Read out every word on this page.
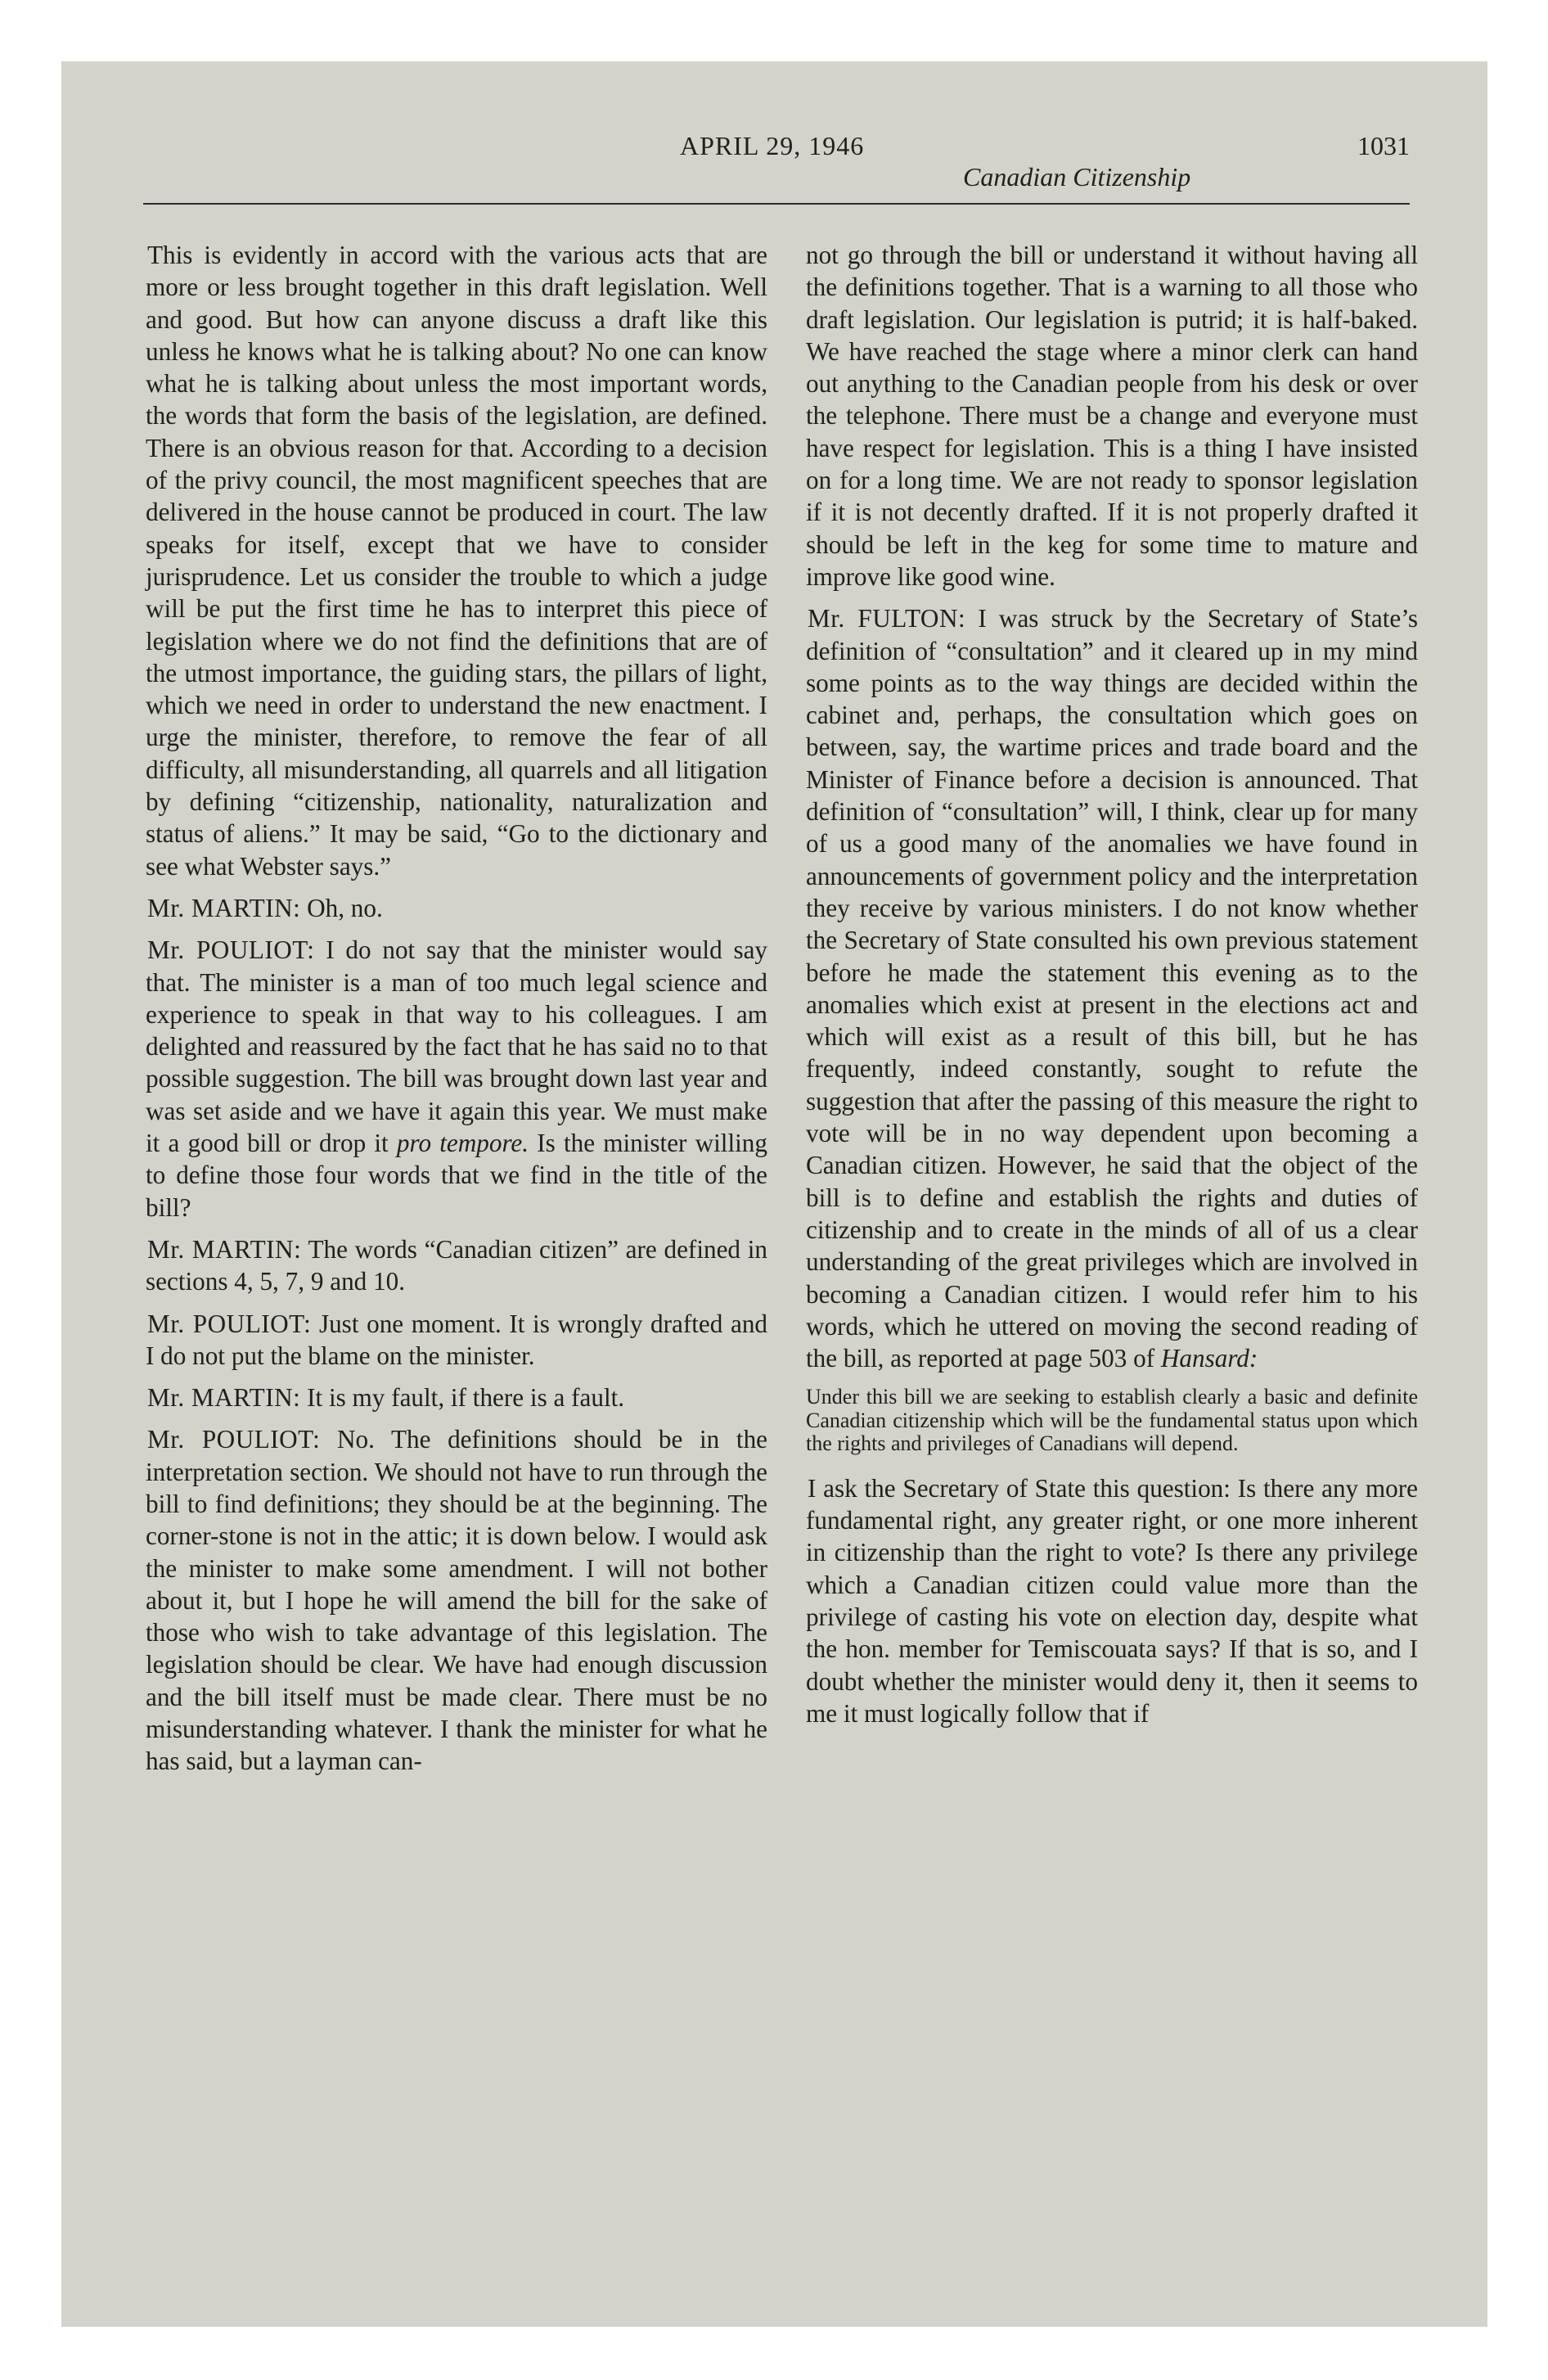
APRIL 29, 1946
Canadian Citizenship
1031

This is evidently in accord with the various acts that are more or less brought together in this draft legislation. Well and good. But how can anyone discuss a draft like this unless he knows what he is talking about? No one can know what he is talking about unless the most important words, the words that form the basis of the legislation, are defined. There is an obvious reason for that. According to a decision of the privy council, the most magnificent speeches that are delivered in the house cannot be produced in court. The law speaks for itself, except that we have to consider jurisprudence. Let us consider the trouble to which a judge will be put the first time he has to interpret this piece of legislation where we do not find the definitions that are of the utmost importance, the guiding stars, the pillars of light, which we need in order to understand the new enactment. I urge the minister, therefore, to remove the fear of all difficulty, all misunderstanding, all quarrels and all litigation by defining “citizenship, nationality, naturalization and status of aliens.” It may be said, “Go to the dictionary and see what Webster says.”

Mr. MARTIN: Oh, no.

Mr. POULIOT: I do not say that the minister would say that. The minister is a man of too much legal science and experience to speak in that way to his colleagues. I am delighted and reassured by the fact that he has said no to that possible suggestion. The bill was brought down last year and was set aside and we have it again this year. We must make it a good bill or drop it pro tempore. Is the minister willing to define those four words that we find in the title of the bill?

Mr. MARTIN: The words “Canadian citizen” are defined in sections 4, 5, 7, 9 and 10.

Mr. POULIOT: Just one moment. It is wrongly drafted and I do not put the blame on the minister.

Mr. MARTIN: It is my fault, if there is a fault.

Mr. POULIOT: No. The definitions should be in the interpretation section. We should not have to run through the bill to find definitions; they should be at the beginning. The corner-stone is not in the attic; it is down below. I would ask the minister to make some amendment. I will not bother about it, but I hope he will amend the bill for the sake of those who wish to take advantage of this legislation. The legislation should be clear. We have had enough discussion and the bill itself must be made clear. There must be no misunderstanding whatever. I thank the minister for what he has said, but a layman can-

not go through the bill or understand it without having all the definitions together. That is a warning to all those who draft legislation. Our legislation is putrid; it is half-baked. We have reached the stage where a minor clerk can hand out anything to the Canadian people from his desk or over the telephone. There must be a change and everyone must have respect for legislation. This is a thing I have insisted on for a long time. We are not ready to sponsor legislation if it is not decently drafted. If it is not properly drafted it should be left in the keg for some time to mature and improve like good wine.

Mr. FULTON: I was struck by the Secretary of State’s definition of “consultation” and it cleared up in my mind some points as to the way things are decided within the cabinet and, perhaps, the consultation which goes on between, say, the wartime prices and trade board and the Minister of Finance before a decision is announced. That definition of “consultation” will, I think, clear up for many of us a good many of the anomalies we have found in announcements of government policy and the interpretation they receive by various ministers. I do not know whether the Secretary of State consulted his own previous statement before he made the statement this evening as to the anomalies which exist at present in the elections act and which will exist as a result of this bill, but he has frequently, indeed constantly, sought to refute the suggestion that after the passing of this measure the right to vote will be in no way dependent upon becoming a Canadian citizen. However, he said that the object of the bill is to define and establish the rights and duties of citizenship and to create in the minds of all of us a clear understanding of the great privileges which are involved in becoming a Canadian citizen. I would refer him to his words, which he uttered on moving the second reading of the bill, as reported at page 503 of Hansard:

Under this bill we are seeking to establish clearly a basic and definite Canadian citizenship which will be the fundamental status upon which the rights and privileges of Canadians will depend.

I ask the Secretary of State this question: Is there any more fundamental right, any greater right, or one more inherent in citizenship than the right to vote? Is there any privilege which a Canadian citizen could value more than the privilege of casting his vote on election day, despite what the hon. member for Temiscouata says? If that is so, and I doubt whether the minister would deny it, then it seems to me it must logically follow that if
